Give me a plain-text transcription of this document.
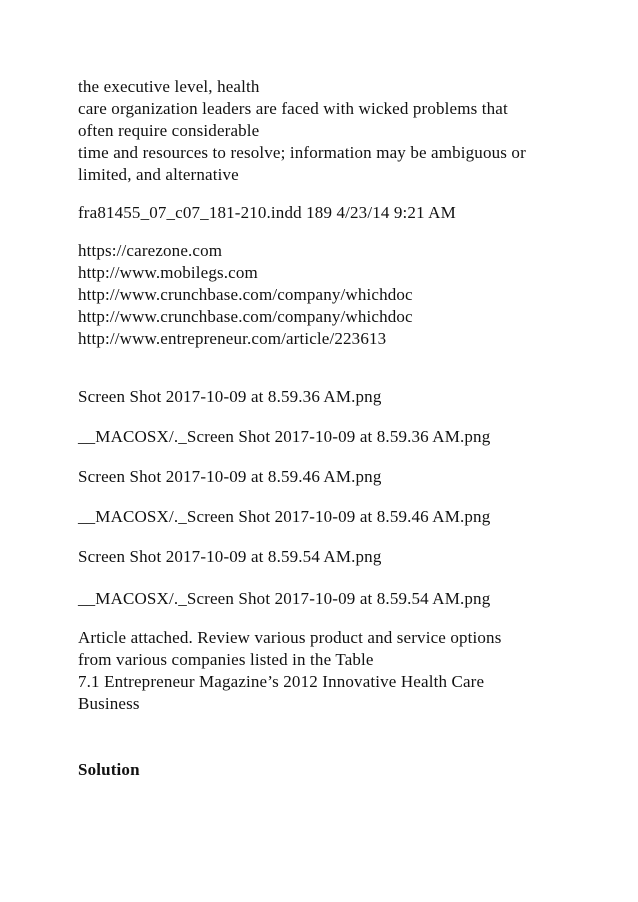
the executive level, health

care organization leaders are faced with wicked problems that

often require considerable

time and resources to resolve; information may be ambiguous or

limited, and alternative

fra81455_07_c07_181-210.indd 189 4/23/14 9:21 AM

https://carezone.com

http://www.mobilegs.com

http://www.crunchbase.com/company/whichdoc

http://www.crunchbase.com/company/whichdoc

http://www.entrepreneur.com/article/223613

Screen Shot 2017-10-09 at 8.59.36 AM.png

__MACOSX/._Screen Shot 2017-10-09 at 8.59.36 AM.png

Screen Shot 2017-10-09 at 8.59.46 AM.png

__MACOSX/._Screen Shot 2017-10-09 at 8.59.46 AM.png

Screen Shot 2017-10-09 at 8.59.54 AM.png

__MACOSX/._Screen Shot 2017-10-09 at 8.59.54 AM.png

Article attached. Review various product and service options

from various companies listed in the Table

7.1 Entrepreneur Magazine’s 2012 Innovative Health Care

Business

Solution
